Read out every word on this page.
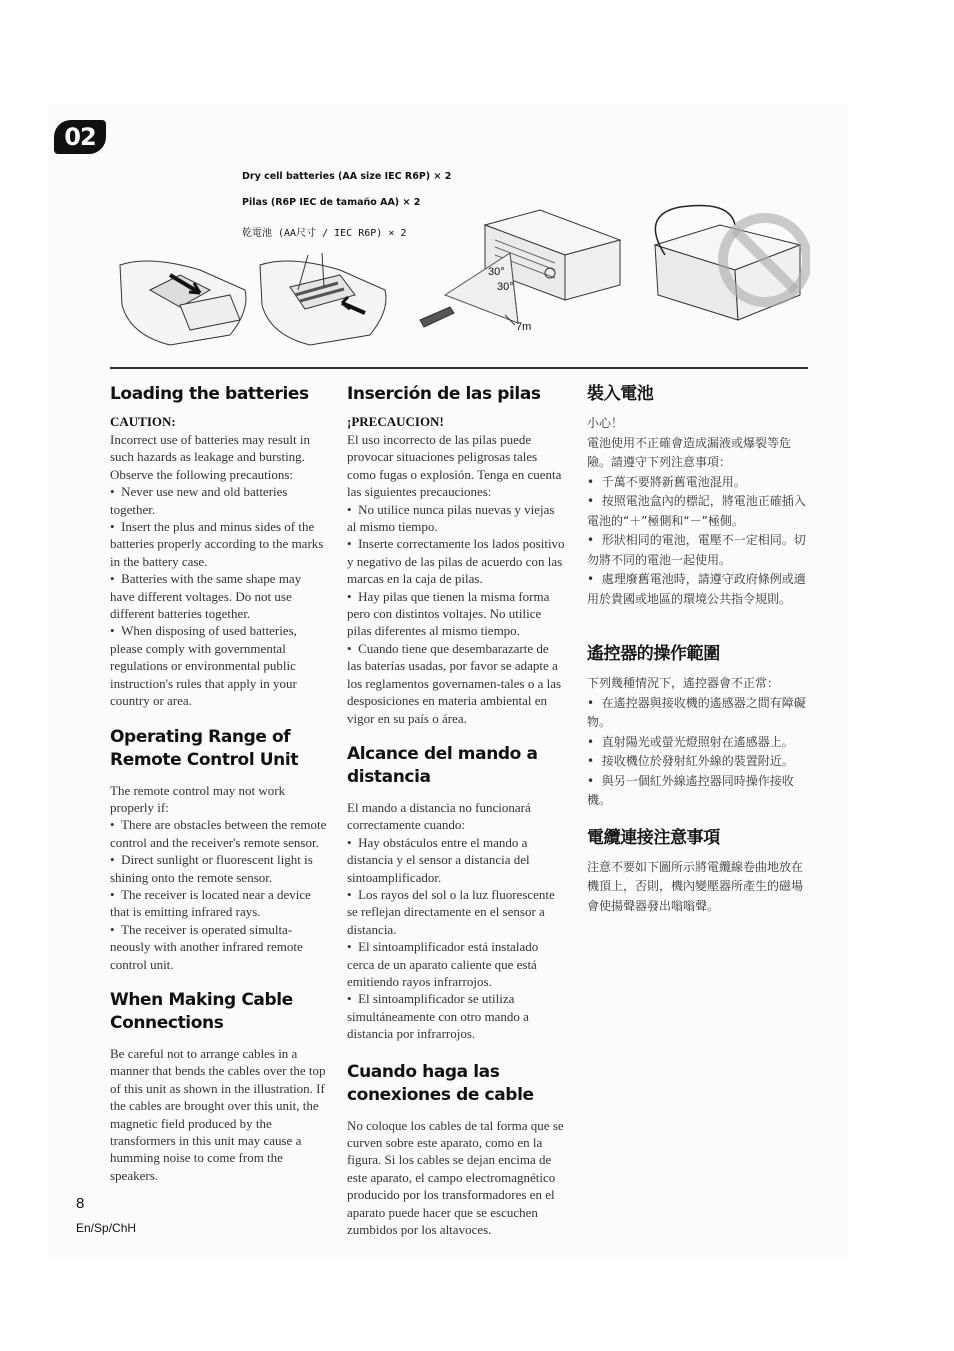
02
Dry cell batteries (AA size IEC R6P) × 2
Pilas (R6P IEC de tamaño AA) × 2
乾電池 (AA尺寸 / IEC R6P) × 2
30°
30°
7m
Loading the batteries
CAUTION:

Incorrect use of batteries may result in such hazards as leakage and bursting. Observe the following precautions:

•  Never use new and old batteries together.

•  Insert the plus and minus sides of the batteries properly according to the marks in the battery case.

•  Batteries with the same shape may have different voltages. Do not use different batteries together.

•  When disposing of used batteries, please comply with governmental regulations or environmental public instruction's rules that apply in your country or area.

Operating Range of Remote Control Unit

The remote control may not work properly if:

•  There are obstacles between the remote control and the receiver's remote sensor.

•  Direct sunlight or fluorescent light is shining onto the remote sensor.

•  The receiver is located near a device that is emitting infrared rays.

•  The receiver is operated simulta-neously with another infrared remote control unit.

When Making Cable Connections

Be careful not to arrange cables in a manner that bends the cables over the top of this unit as shown in the illustration. If the cables are brought over this unit, the magnetic field produced by the transformers in this unit may cause a humming noise to come from the speakers.

Inserción de las pilas
¡PRECAUCION!

El uso incorrecto de las pilas puede provocar situaciones peligrosas tales como fugas o explosión. Tenga en cuenta las siguientes precauciones:

•  No utilice nunca pilas nuevas y viejas al mismo tiempo.

•  Inserte correctamente los lados positivo y negativo de las pilas de acuerdo con las marcas en la caja de pilas.

•  Hay pilas que tienen la misma forma pero con distintos voltajes. No utilice pilas diferentes al mismo tiempo.

•  Cuando tiene que desembarazarte de las baterías usadas, por favor se adapte a los reglamentos governamen-tales o a las desposiciones en materia ambiental en vigor en su país o área.

Alcance del mando a distancia

El mando a distancia no funcionará correctamente cuando:

•  Hay obstáculos entre el mando a distancia y el sensor a distancia del sintoamplificador.

•  Los rayos del sol o la luz fluorescente se reflejan directamente en el sensor a distancia.

•  El sintoamplificador está instalado cerca de un aparato caliente que está emitiendo rayos infrarrojos.

•  El sintoamplificador se utiliza simultáneamente con otro mando a distancia por infrarrojos.

Cuando haga las conexiones de cable

No coloque los cables de tal forma que se curven sobre este aparato, como en la figura. Si los cables se dejan encima de este aparato, el campo electromagnético producido por los transformadores en el aparato puede hacer que se escuchen zumbidos por los altavoces.

裝入電池

小心！

電池使用不正確會造成漏液或爆裂等危險。請遵守下列注意事項：

•  千萬不要將新舊電池混用。

•  按照電池盒內的標記，將電池正確插入電池的“＋”極側和“－”極側。

•  形狀相同的電池，電壓不一定相同。切勿將不同的電池一起使用。

•  處理廢舊電池時，請遵守政府條例或適用於貴國或地區的環境公共指令規則。

遙控器的操作範圍

下列幾種情況下，遙控器會不正常：

•  在遙控器與接收機的遙感器之間有障礙物。

•  直射陽光或螢光燈照射在遙感器上。

•  接收機位於發射紅外線的裝置附近。

•  與另一個紅外線遙控器同時操作接收機。

電纜連接注意事項

注意不要如下圖所示將電纜線卷曲地放在機頂上，否則，機內變壓器所產生的磁場會使揚聲器發出嗡嗡聲。

8
En/Sp/ChH
